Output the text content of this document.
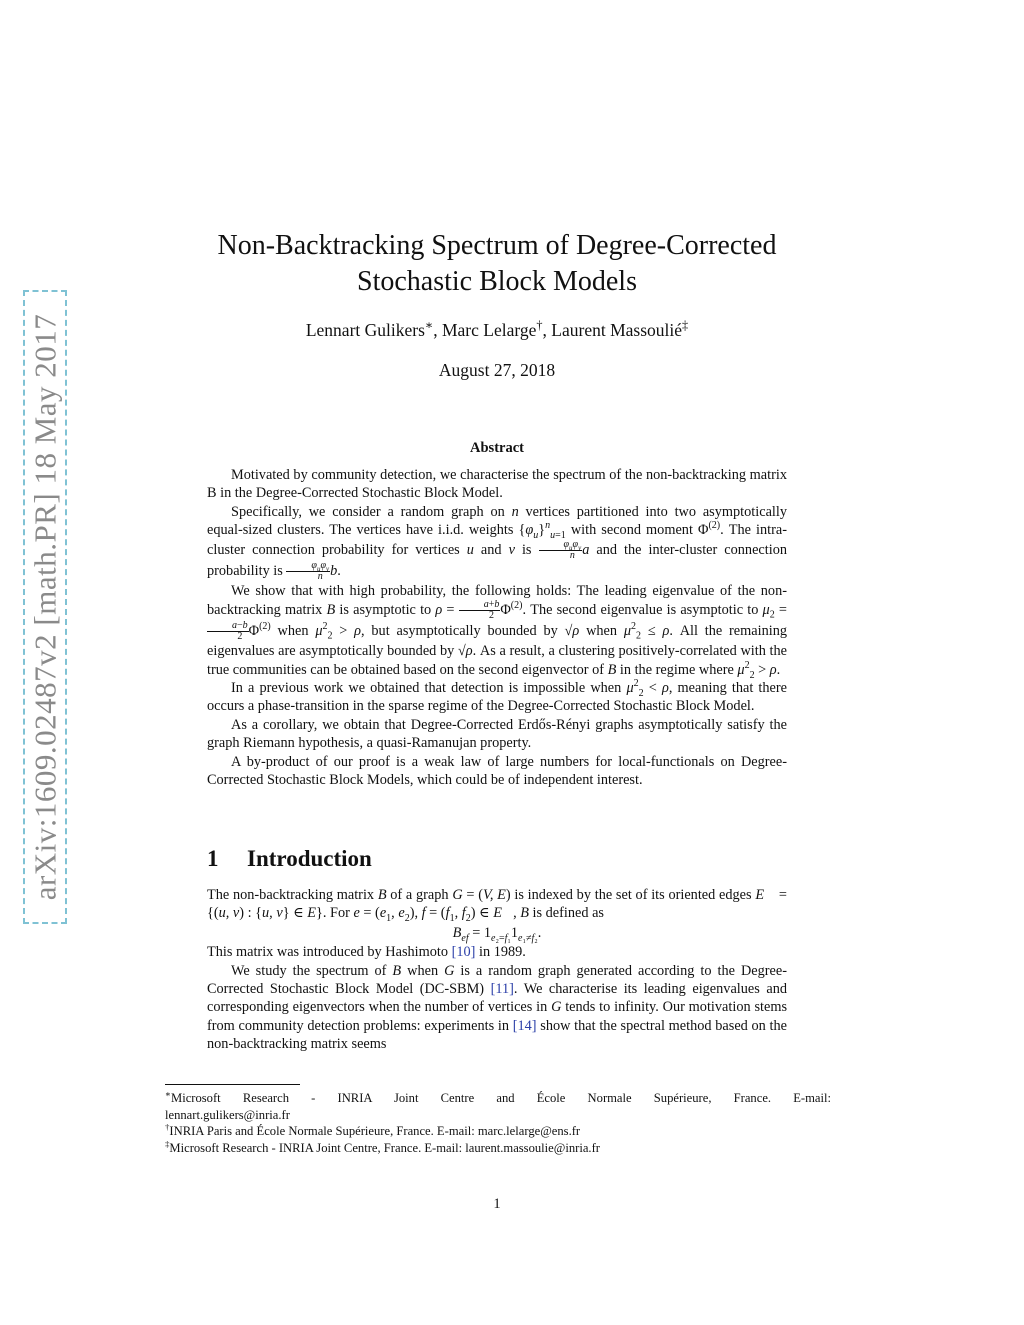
arXiv:1609.02487v2 [math.PR] 18 May 2017
Non-Backtracking Spectrum of Degree-Corrected
Stochastic Block Models
Lennart Gulikers∗, Marc Lelarge†, Laurent Massoulié‡
August 27, 2018
Abstract

Motivated by community detection, we characterise the spectrum of the non-backtracking matrix B in the Degree-Corrected Stochastic Block Model.

Specifically, we consider a random graph on n vertices partitioned into two asymptotically equal-sized clusters. The vertices have i.i.d. weights $\{\varphi_u\}^n_{u=1}$ with second moment $\Phi^{(2)}$. The intra-cluster connection probability for vertices u and v is $\frac{\varphi_u\varphi_v}{n}$ a and the inter-cluster connection probability is $\frac{\varphi_u\varphi_v}{n} b$.

We show that with high probability, the following holds: The leading eigenvalue of the non-backtracking matrix B is asymptotic to $\rho = \frac{a+b}{2} \Phi^{(2)}$. The second eigenvalue is asymptotic to $\mu_2$ =
$\frac{a-b}{2} \Phi^{(2)}$ when $\mu^2_2 > \rho$, but asymptotically bounded by √ρ when $\mu^2_2 \le \rho$. All the remaining eigenvalues are asymptotically bounded by √ρ. As a result, a clustering positively-correlated with the true communities can be obtained based on the second eigenvector of B in the regime where $\mu^2_2 > \rho$.

In a previous work we obtained that detection is impossible when $\mu^2_2 < \rho$, meaning that there occurs a phase-transition in the sparse regime of the Degree-Corrected Stochastic Block Model.

As a corollary, we obtain that Degree-Corrected Erdős-Rényi graphs asymptotically satisfy the graph Riemann hypothesis, a quasi-Ramanujan property.

A by-product of our proof is a weak law of large numbers for local-functionals on Degree-Corrected Stochastic Block Models, which could be of independent interest.

1 Introduction

The non-backtracking matrix B of a graph G = (V, E) is indexed by the set of its oriented edges E⃗ = {(u, v) : {u, v} ∈ E}. For $e = (e_1$, $e_2$), $f = (f_1$, $f_2$) ∈ E⃗, B is defined as

$B_{ef} = 1_{e_2=f_1}1_{e_1\ne f_2}$.

This matrix was introduced by Hashimoto [10] in 1989.

We study the spectrum of B when G is a random graph generated according to the Degree-Corrected Stochastic Block Model (DC-SBM) [11]. We characterise its leading eigenvalues and corresponding eigenvectors when the number of vertices in G tends to infinity. Our motivation stems from community detection problems: experiments in [14] show that the spectral method based on the non-backtracking matrix seems

∗Microsoft Research - INRIA Joint Centre and École Normale Supérieure, France. E-mail:

lennart.gulikers@inria.fr

†INRIA Paris and École Normale Supérieure, France. E-mail: marc.lelarge@ens.fr

‡Microsoft Research - INRIA Joint Centre, France. E-mail: laurent.massoulie@inria.fr

1
